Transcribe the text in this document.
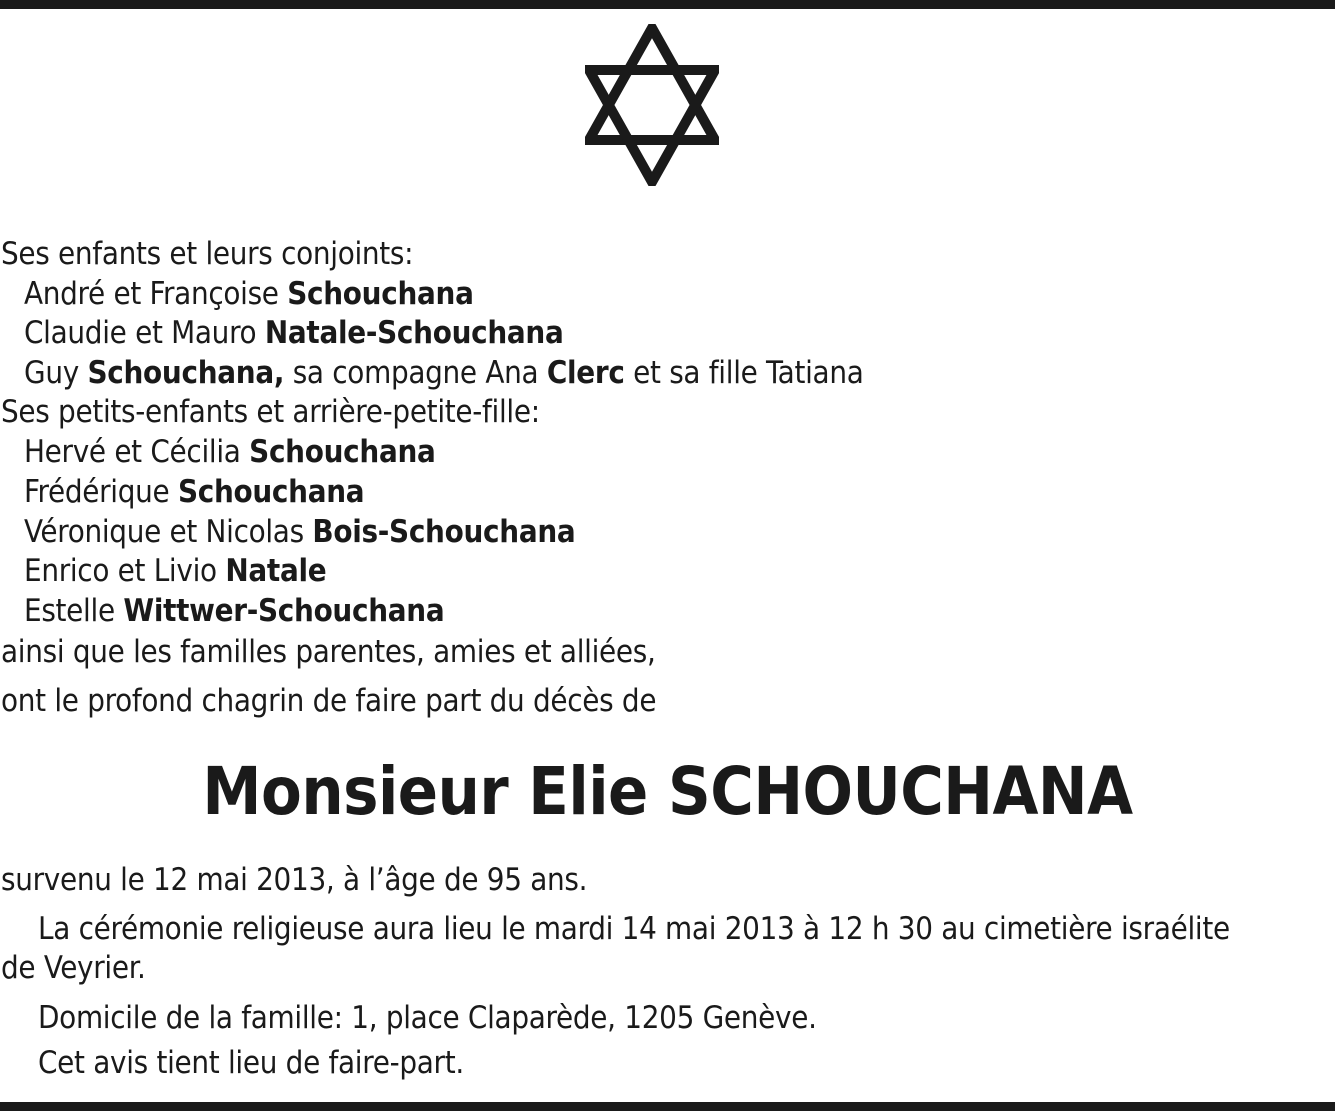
Ses enfants et leurs conjoints:
André et Françoise Schouchana
Claudie et Mauro Natale-Schouchana
Guy Schouchana, sa compagne Ana Clerc et sa fille Tatiana
Ses petits-enfants et arrière-petite-fille:
Hervé et Cécilia Schouchana
Frédérique Schouchana
Véronique et Nicolas Bois-Schouchana
Enrico et Livio Natale
Estelle Wittwer-Schouchana
ainsi que les familles parentes, amies et alliées,
ont le profond chagrin de faire part du décès de
Monsieur Elie SCHOUCHANA
survenu le 12 mai 2013, à l’âge de 95 ans.
La cérémonie religieuse aura lieu le mardi 14 mai 2013 à 12 h 30 au cimetière israélite
de Veyrier.
Domicile de la famille: 1, place Claparède, 1205 Genève.
Cet avis tient lieu de faire-part.
